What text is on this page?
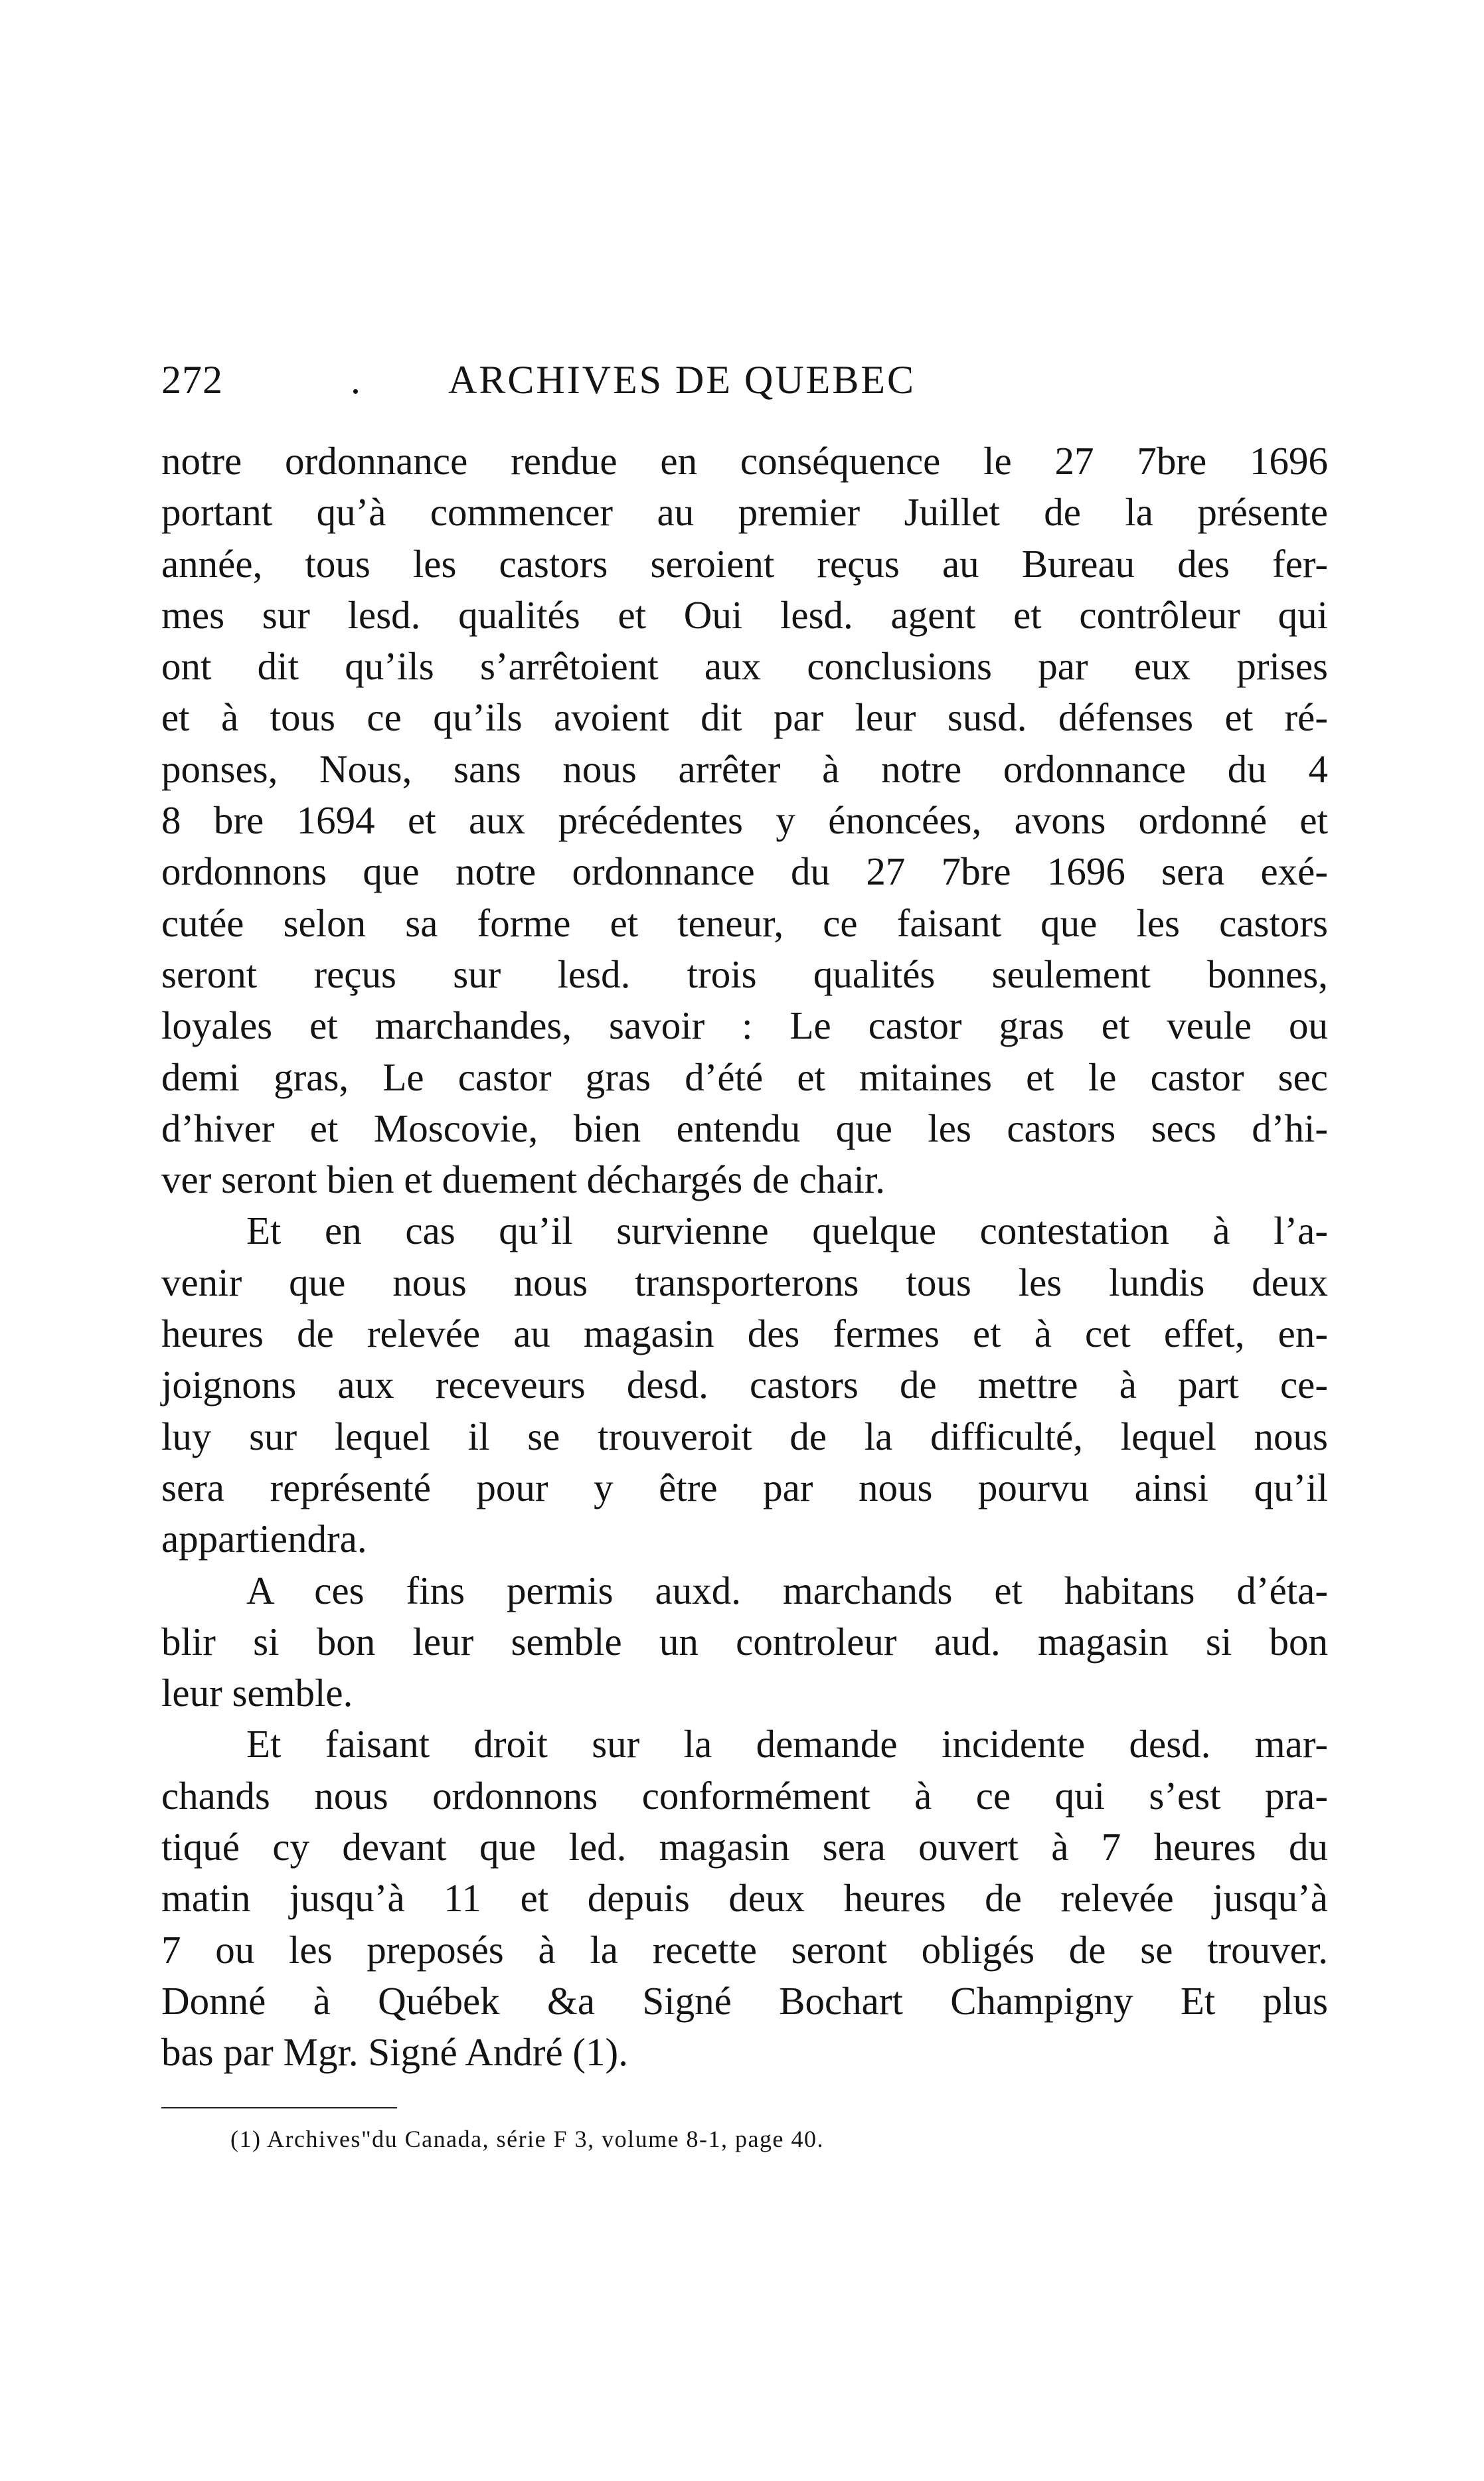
272	. ARCHIVES DE QUEBEC
notre ordonnance rendue en conséquence le 27 7bre 1696
portant qu’à commencer au premier Juillet de la présente
année, tous les castors seroient reçus au Bureau des fer-
mes sur lesd. qualités et Oui lesd. agent et contrôleur qui
ont dit qu’ils s’arrêtoient aux conclusions par eux prises
et à tous ce qu’ils avoient dit par leur susd. défenses et ré-
ponses, Nous, sans nous arrêter à notre ordonnance du 4
8 bre 1694 et aux précédentes y énoncées, avons ordonné et
ordonnons que notre ordonnance du 27 7bre 1696 sera exé-
cutée selon sa forme et teneur, ce faisant que les castors
seront reçus sur lesd. trois qualités seulement bonnes,
loyales et marchandes, savoir : Le castor gras et veule ou
demi gras, Le castor gras d’été et mitaines et le castor sec
d’hiver et Moscovie, bien entendu que les castors secs d’hi-
ver seront bien et duement déchargés de chair.
Et en cas qu’il survienne quelque contestation à l’a-
venir que nous nous transporterons tous les lundis deux
heures de relevée au magasin des fermes et à cet effet, en-
joignons aux receveurs desd. castors de mettre à part ce-
luy sur lequel il se trouveroit de la difficulté, lequel nous
sera représenté pour y être par nous pourvu ainsi qu’il
appartiendra.
A ces fins permis auxd. marchands et habitans d’éta-
blir si bon leur semble un controleur aud. magasin si bon
leur semble.
Et faisant droit sur la demande incidente desd. mar-
chands nous ordonnons conformément à ce qui s’est pra-
tiqué cy devant que led. magasin sera ouvert à 7 heures du
matin jusqu’à 11 et depuis deux heures de relevée jusqu’à
7 ou les preposés à la recette seront obligés de se trouver.
Donné à Québek &a Signé Bochart Champigny Et plus
bas par Mgr. Signé André (1).
(1) Archives"du Canada, série F 3, volume 8-1, page 40.
